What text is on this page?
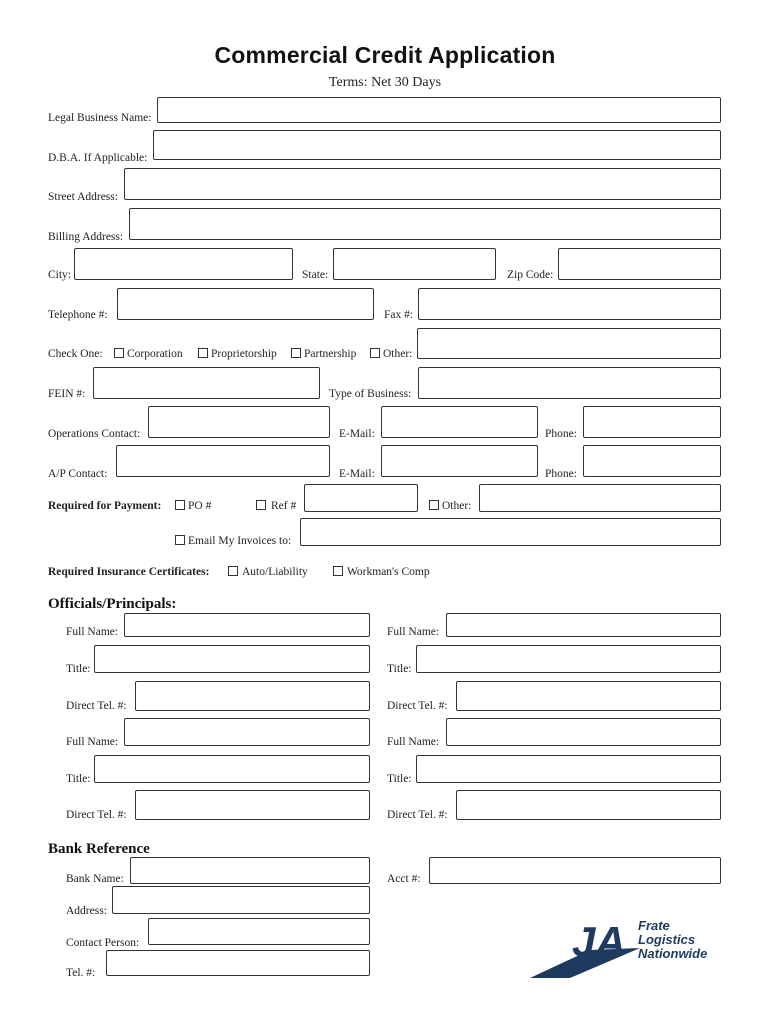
Commercial Credit Application
Terms: Net 30 Days
Legal Business Name:
D.B.A. If Applicable:
Street Address:
Billing Address:
City:	State:	Zip Code:
Telephone #:	Fax #:
Check One: Corporation Proprietorship Partnership Other:
FEIN #:	Type of Business:
Operations Contact:	E-Mail:	Phone:
A/P Contact:	E-Mail:	Phone:
Required for Payment: PO #	Ref #	Other:
Email My Invoices to:
Required Insurance Certificates:	Auto/Liability	Workman's Comp
Officials/Principals:
Full Name:	Full Name:
Title:	Title:
Direct Tel. #:	Direct Tel. #:
Full Name:	Full Name:
Title:	Title:
Direct Tel. #:	Direct Tel. #:
Bank Reference
Bank Name:	Acct #:
Address:
Contact Person:
Tel. #:
JA Frate
Logistics
Nationwide
